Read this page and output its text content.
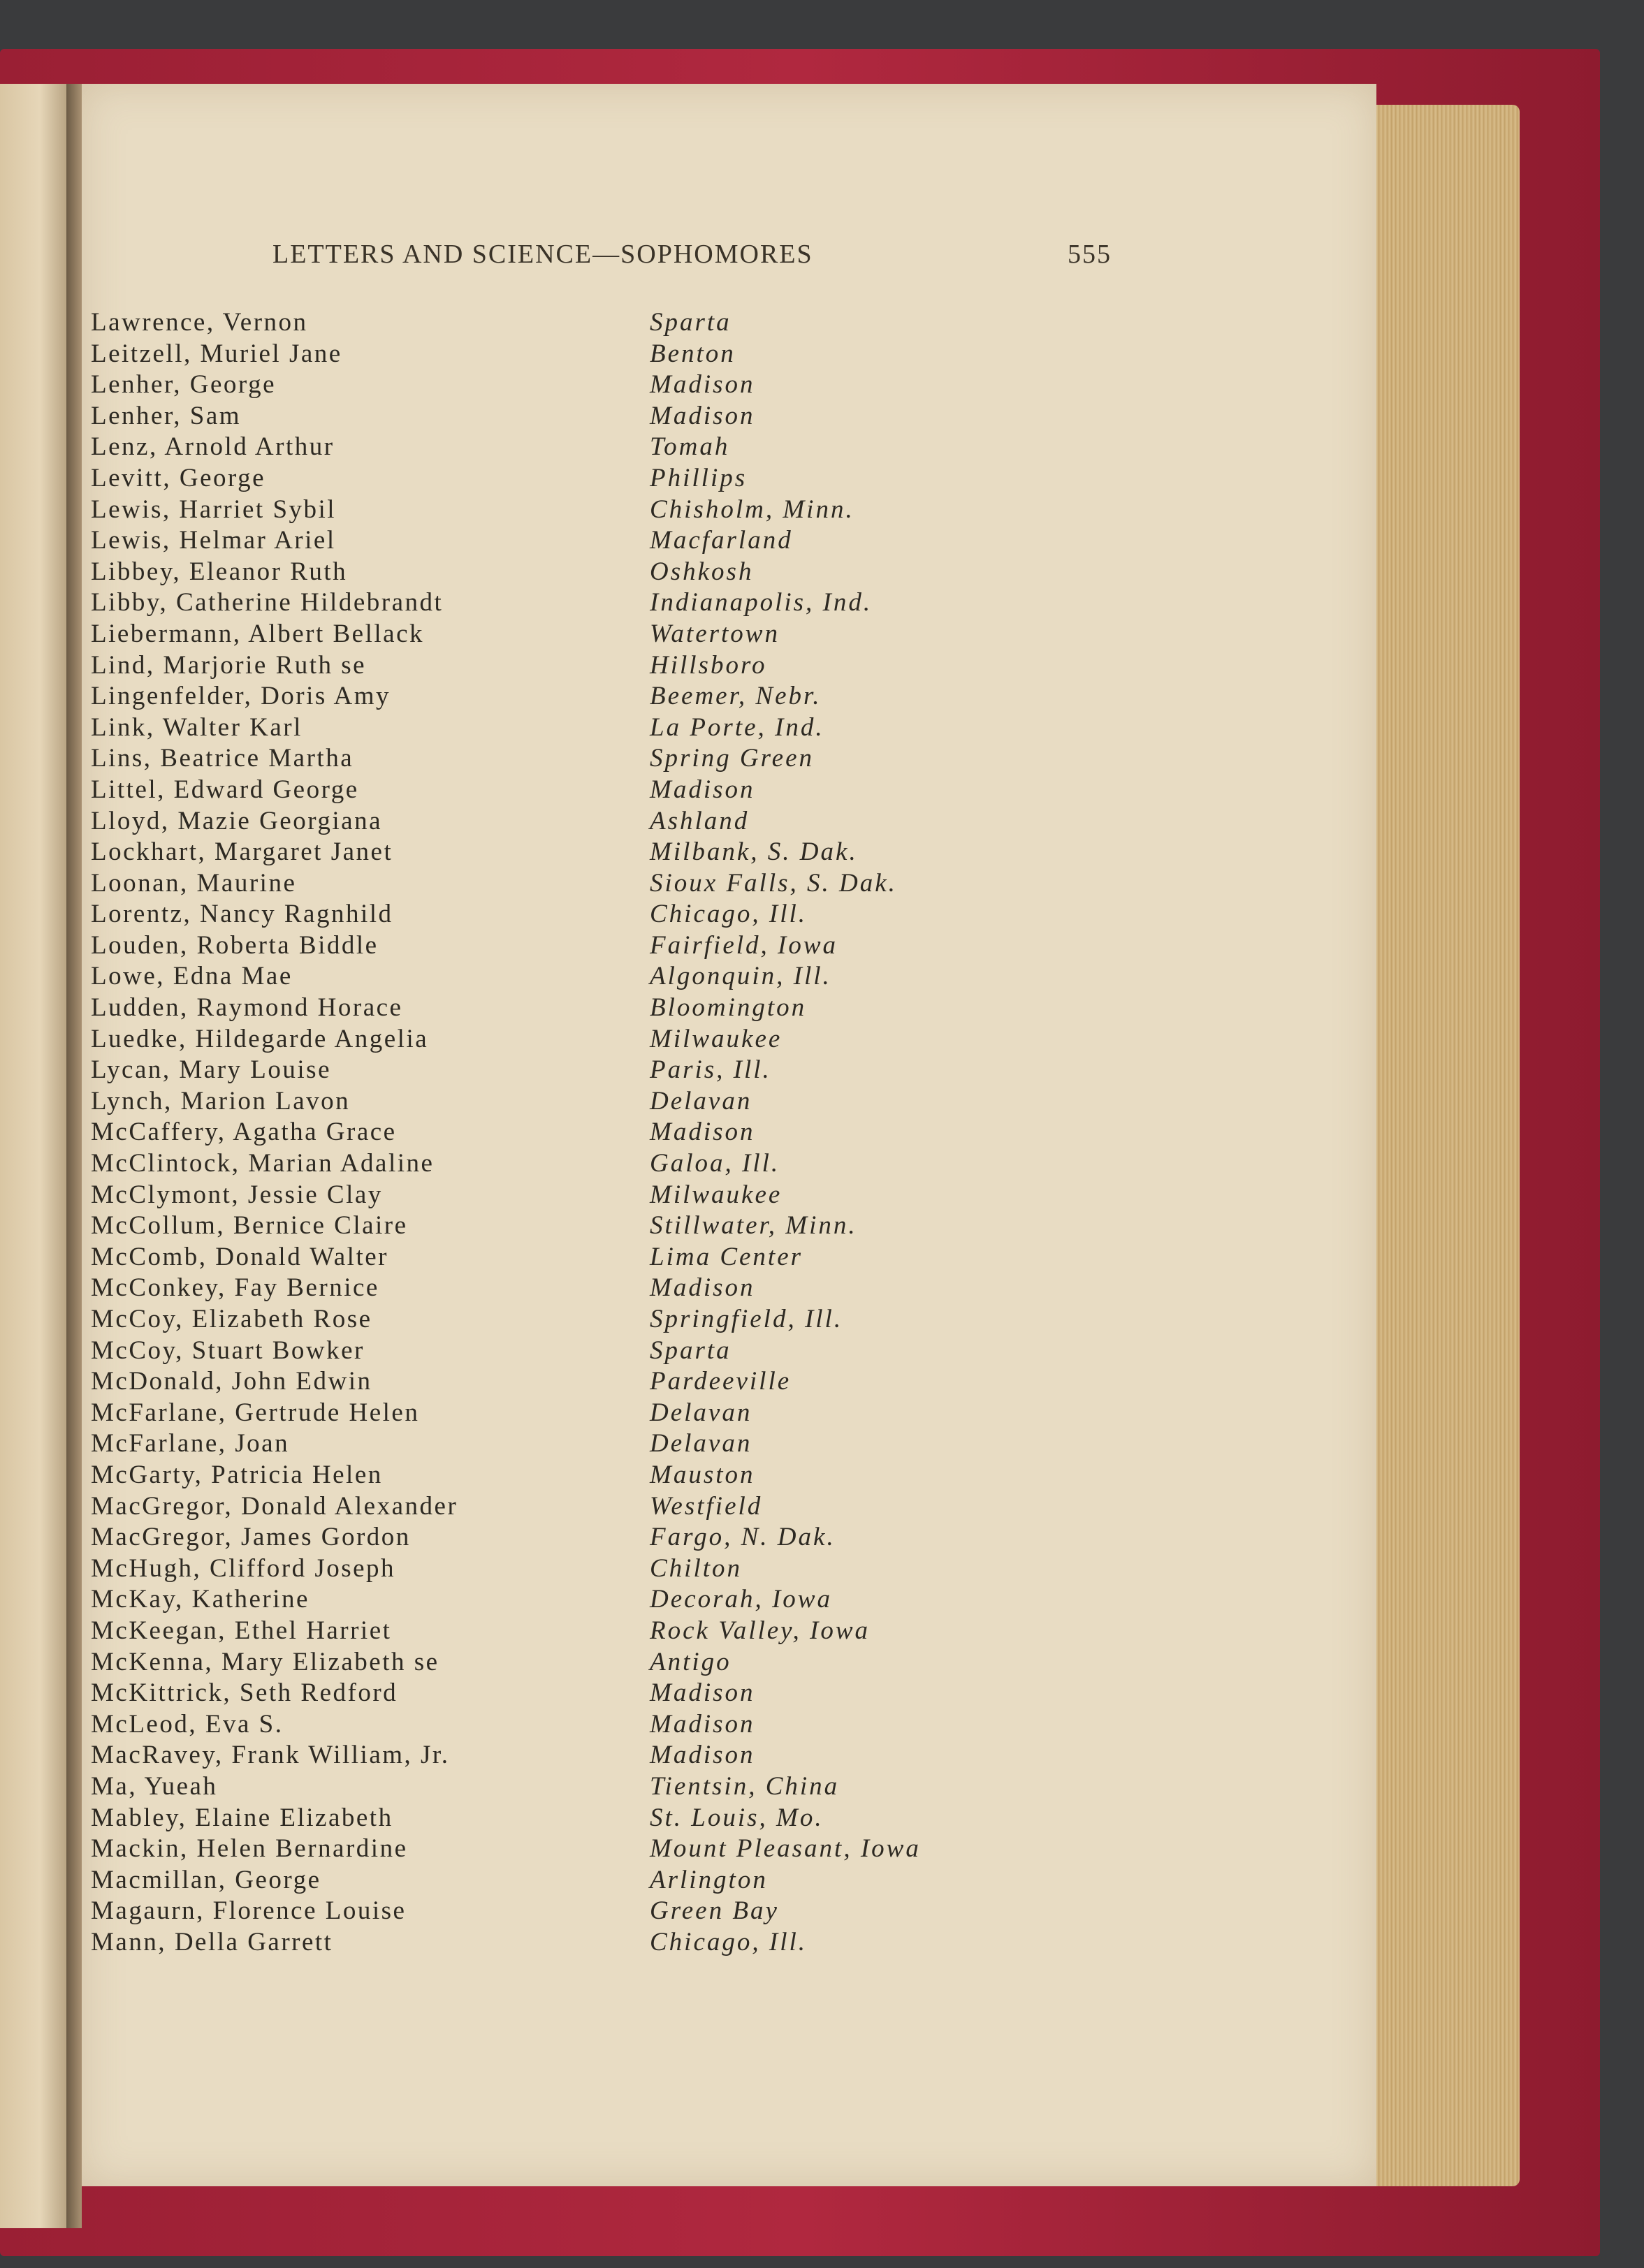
LETTERS AND SCIENCE—SOPHOMORES	555
Lawrence, Vernon	Sparta
Leitzell, Muriel Jane	Benton
Lenher, George	Madison
Lenher, Sam	Madison
Lenz, Arnold Arthur	Tomah
Levitt, George	Phillips
Lewis, Harriet Sybil	Chisholm, Minn.
Lewis, Helmar Ariel	Macfarland
Libbey, Eleanor Ruth	Oshkosh
Libby, Catherine Hildebrandt	Indianapolis, Ind.
Liebermann, Albert Bellack	Watertown
Lind, Marjorie Ruth se	Hillsboro
Lingenfelder, Doris Amy	Beemer, Nebr.
Link, Walter Karl	La Porte, Ind.
Lins, Beatrice Martha	Spring Green
Littel, Edward George	Madison
Lloyd, Mazie Georgiana	Ashland
Lockhart, Margaret Janet	Milbank, S. Dak.
Loonan, Maurine	Sioux Falls, S. Dak.
Lorentz, Nancy Ragnhild	Chicago, Ill.
Louden, Roberta Biddle	Fairfield, Iowa
Lowe, Edna Mae	Algonquin, Ill.
Ludden, Raymond Horace	Bloomington
Luedke, Hildegarde Angelia	Milwaukee
Lycan, Mary Louise	Paris, Ill.
Lynch, Marion Lavon	Delavan
McCaffery, Agatha Grace	Madison
McClintock, Marian Adaline	Galoa, Ill.
McClymont, Jessie Clay	Milwaukee
McCollum, Bernice Claire	Stillwater, Minn.
McComb, Donald Walter	Lima Center
McConkey, Fay Bernice	Madison
McCoy, Elizabeth Rose	Springfield, Ill.
McCoy, Stuart Bowker	Sparta
McDonald, John Edwin	Pardeeville
McFarlane, Gertrude Helen	Delavan
McFarlane, Joan	Delavan
McGarty, Patricia Helen	Mauston
MacGregor, Donald Alexander	Westfield
MacGregor, James Gordon	Fargo, N. Dak.
McHugh, Clifford Joseph	Chilton
McKay, Katherine	Decorah, Iowa
McKeegan, Ethel Harriet	Rock Valley, Iowa
McKenna, Mary Elizabeth se	Antigo
McKittrick, Seth Redford	Madison
McLeod, Eva S.	Madison
MacRavey, Frank William, Jr.	Madison
Ma, Yueah	Tientsin, China
Mabley, Elaine Elizabeth	St. Louis, Mo.
Mackin, Helen Bernardine	Mount Pleasant, Iowa
Macmillan, George	Arlington
Magaurn, Florence Louise	Green Bay
Mann, Della Garrett	Chicago, Ill.
